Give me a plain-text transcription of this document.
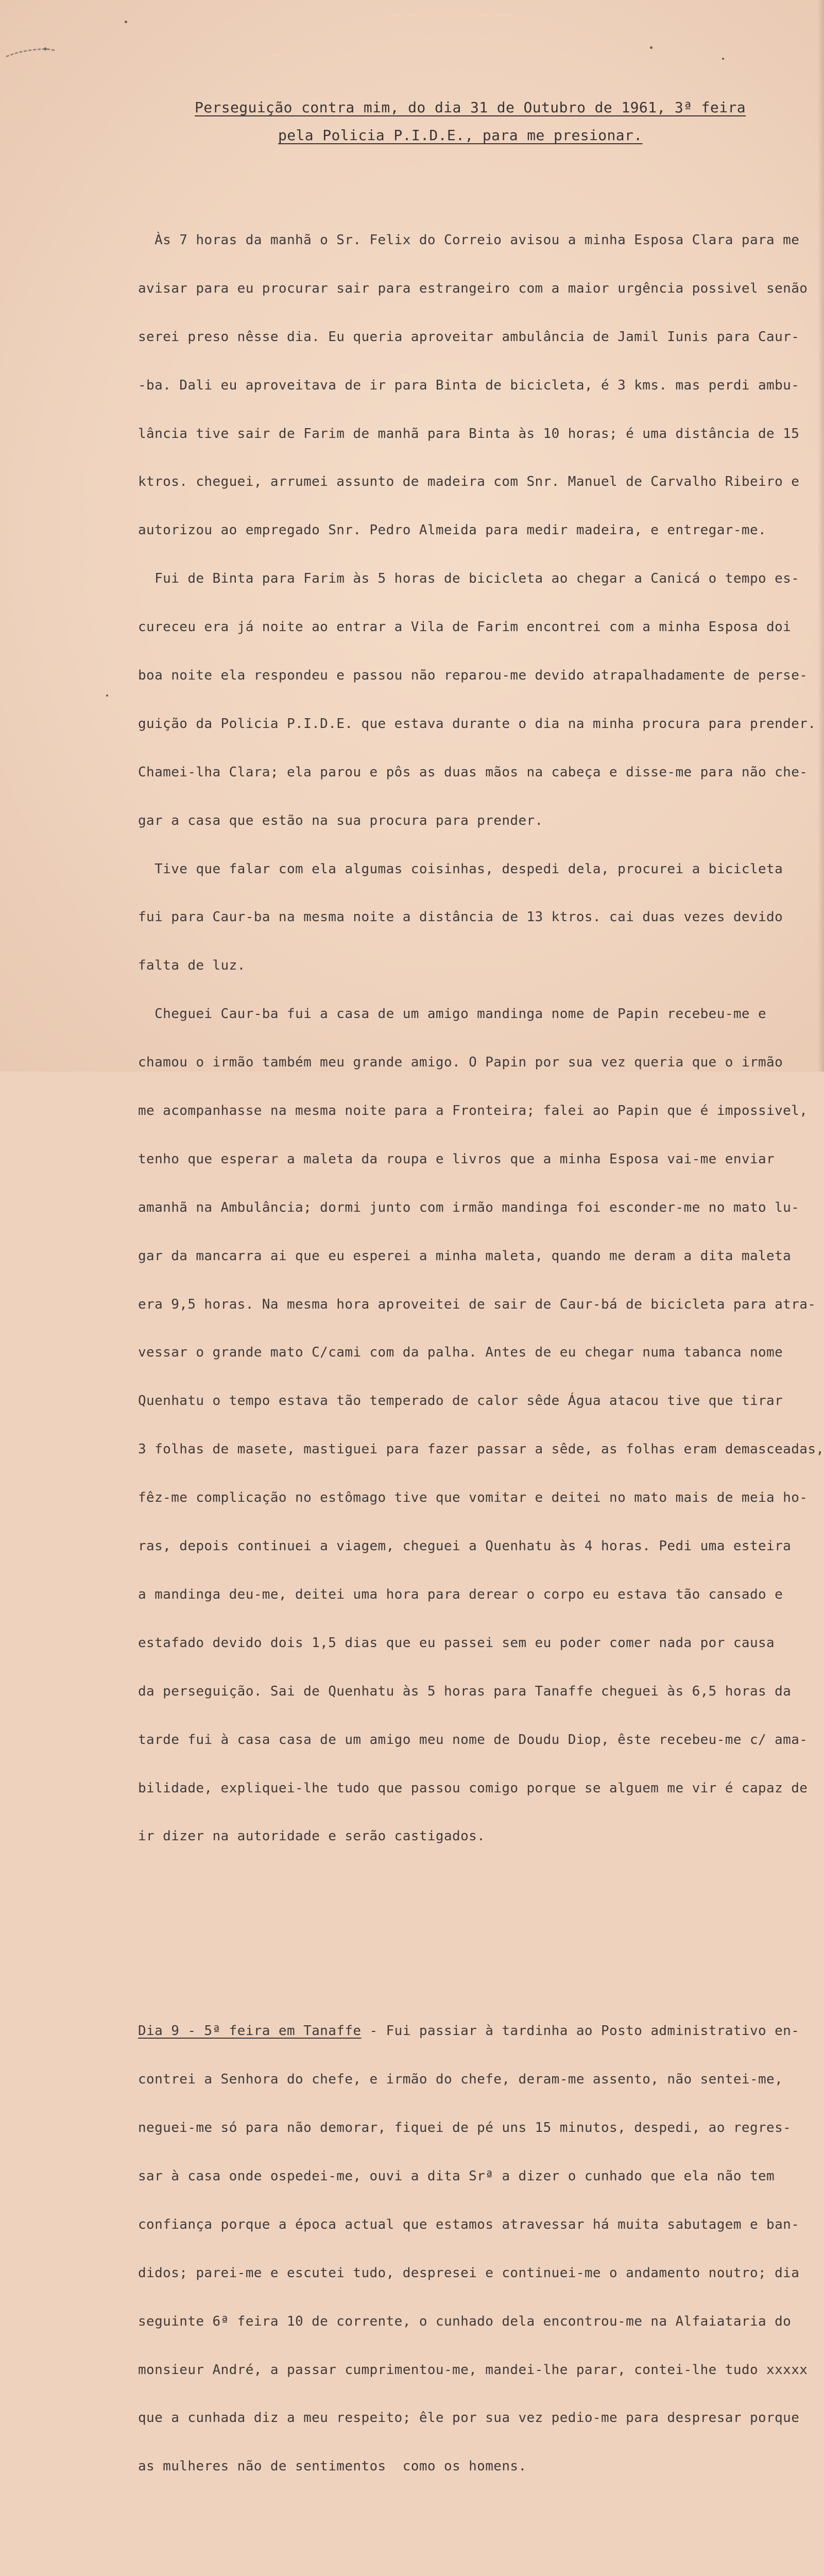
Perseguição contra mim, do dia 31 de Outubro de 1961, 3ª feira
pela Policia P.I.D.E., para me presionar.

Às 7 horas da manhã o Sr. Felix do Correio avisou a minha Esposa Clara para me

avisar para eu procurar sair para estrangeiro com a maior urgência possivel senão

serei preso nêsse dia. Eu queria aproveitar ambulância de Jamil Iunis para Caur-

-ba. Dali eu aproveitava de ir para Binta de bicicleta, é 3 kms. mas perdi ambu-

lância tive sair de Farim de manhã para Binta às 10 horas; é uma distância de 15

ktros. cheguei, arrumei assunto de madeira com Snr. Manuel de Carvalho Ribeiro e

autorizou ao empregado Snr. Pedro Almeida para medir madeira, e entregar-me.

Fui de Binta para Farim às 5 horas de bicicleta ao chegar a Canicá o tempo es-

cureceu era já noite ao entrar a Vila de Farim encontrei com a minha Esposa doi

boa noite ela respondeu e passou não reparou-me devido atrapalhadamente de perse-

guição da Policia P.I.D.E. que estava durante o dia na minha procura para prender.

Chamei-lha Clara; ela parou e pôs as duas mãos na cabeça e disse-me para não che-

gar a casa que estão na sua procura para prender.

Tive que falar com ela algumas coisinhas, despedi dela, procurei a bicicleta

fui para Caur-ba na mesma noite a distância de 13 ktros. cai duas vezes devido

falta de luz.

Cheguei Caur-ba fui a casa de um amigo mandinga nome de Papin recebeu-me e

chamou o irmão também meu grande amigo. O Papin por sua vez queria que o irmão

me acompanhasse na mesma noite para a Fronteira; falei ao Papin que é impossivel,

tenho que esperar a maleta da roupa e livros que a minha Esposa vai-me enviar

amanhã na Ambulância; dormi junto com irmão mandinga foi esconder-me no mato lu-

gar da mancarra ai que eu esperei a minha maleta, quando me deram a dita maleta

era 9,5 horas. Na mesma hora aproveitei de sair de Caur-bá de bicicleta para atra-

vessar o grande mato C/cami com da palha. Antes de eu chegar numa tabanca nome

Quenhatu o tempo estava tão temperado de calor sêde Água atacou tive que tirar

3 folhas de masete, mastiguei para fazer passar a sêde, as folhas eram demasceadas,

fêz-me complicação no estômago tive que vomitar e deitei no mato mais de meia ho-

ras, depois continuei a viagem, cheguei a Quenhatu às 4 horas. Pedi uma esteira

a mandinga deu-me, deitei uma hora para derear o corpo eu estava tão cansado e

estafado devido dois 1,5 dias que eu passei sem eu poder comer nada por causa

da perseguição. Sai de Quenhatu às 5 horas para Tanaffe cheguei às 6,5 horas da

tarde fui à casa casa de um amigo meu nome de Doudu Diop, êste recebeu-me c/ ama-

bilidade, expliquei-lhe tudo que passou comigo porque se alguem me vir é capaz de

ir dizer na autoridade e serão castigados.

Dia 9 - 5ª feira em Tanaffe - Fui passiar à tardinha ao Posto administrativo en-

contrei a Senhora do chefe, e irmão do chefe, deram-me assento, não sentei-me,

neguei-me só para não demorar, fiquei de pé uns 15 minutos, despedi, ao regres-

sar à casa onde ospedei-me, ouvi a dita Srª a dizer o cunhado que ela não tem

confiança porque a época actual que estamos atravessar há muita sabutagem e ban-

didos; parei-me e escutei tudo, despresei e continuei-me o andamento noutro; dia

seguinte 6ª feira 10 de corrente, o cunhado dela encontrou-me na Alfaiataria do

monsieur André, a passar cumprimentou-me, mandei-lhe parar, contei-lhe tudo xxxxx

que a cunhada diz a meu respeito; êle por sua vez pedio-me para despresar porque

as mulheres não de sentimentos  como os homens.
